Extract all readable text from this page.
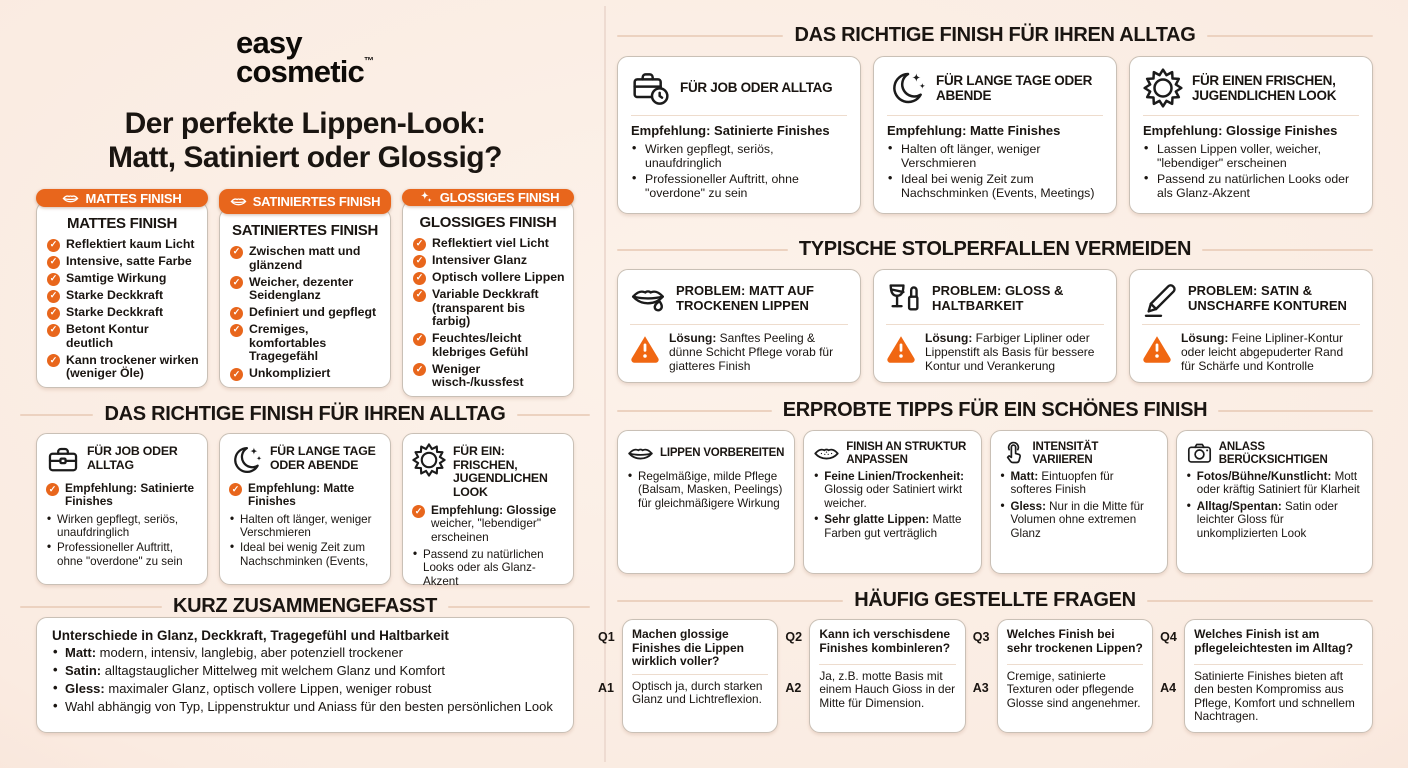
easy
cosmetic™
Der perfekte Lippen-Look:
Matt, Satiniert oder Glossig?
MATTES FINISH
MATTES FINISH
✓
Reflektiert kaum Licht
✓
Intensive, satte Farbe
✓
Samtige Wirkung
✓
Starke Deckkraft
✓
Starke Deckkraft
✓
Betont Kontur deutlich
✓
Kann trockener wirken (weniger Öle)
SATINIERTES FINISH
SATINIERTES FINISH
✓
Zwischen matt und glänzend
✓
Weicher, dezenter Seidenglanz
✓
Definiert und gepflegt
✓
Cremiges, komfortables Tragegefähl
✓
Unkompliziert
GLOSSIGES FINISH
GLOSSIGES FINISH
✓
Reflektiert viel Licht
✓
Intensiver Glanz
✓
Optisch vollere Lippen
✓
Variable Deckkraft (transparent bis farbig)
✓
Feuchtes/leicht klebriges Gefühl
✓
Weniger wisch-/kussfest
DAS RICHTIGE FINISH FÜR IHREN ALLTAG
FÜR JOB ODER ALLTAG
✓
Empfehlung: Satinierte Finishes
• Wirken gepflegt, seriös, unaufdringlich
• Professioneller Auftritt, ohne "overdone" zu sein
FÜR LANGE TAGE ODER ABENDE
✓
Empfehlung: Matte Finishes
• Halten oft länger, weniger Verschmieren
• Ideal bei wenig Zeit zum Nachschminken (Events,
FÜR EIN: FRISCHEN, JUGENDLICHEN LOOK
✓
Empfehlung: Glossige weicher, "lebendiger" erscheinen
• Passend zu natürlichen Looks oder als Glanz-Akzent
KURZ ZUSAMMENGEFASST
Unterschiede in Glanz, Deckkraft, Tragegefühl und Haltbarkeit
• Matt: modern, intensiv, langlebig, aber potenziell trockener
• Satin: alltagstauglicher Mittelweg mit welchem Glanz und Komfort
• Gless: maximaler Glanz, optisch vollere Lippen, weniger robust
• Wahl abhängig von Typ, Lippenstruktur und Aniass für den besten persönlichen Look
DAS RICHTIGE FINISH FÜR IHREN ALLTAG
FÜR JOB ODER ALLTAG
Empfehlung: Satinierte Finishes
• Wirken gepflegt, seriös, unaufdringlich
• Professioneller Auftritt, ohne "overdone" zu sein
FÜR LANGE TAGE ODER ABENDE
Empfehlung: Matte Finishes
• Halten oft länger, weniger Verschmieren
• Ideal bei wenig Zeit zum Nachschminken (Events, Meetings)
FÜR EINEN FRISCHEN, JUGENDLICHEN LOOK
Empfehlung: Glossige Finishes
• Lassen Lippen voller, weicher, "lebendiger" erscheinen
• Passend zu natürlichen Looks oder als Glanz-Akzent
TYPISCHE STOLPERFALLEN VERMEIDEN
PROBLEM: MATT AUF TROCKENEN LIPPEN
Lösung: Sanftes Peeling & dünne Schicht Pflege vorab für giatteres Finish
PROBLEM: GLOSS & HALTBARKEIT
Lösung: Farbiger Lipliner oder Lippenstift als Basis für bessere Kontur und Verankerung
PROBLEM: SATIN & UNSCHARFE KONTUREN
Lösung: Feine Lipliner-Kontur oder leicht abgepuderter Rand für Schärfe und Kontrolle
ERPROBTE TIPPS FÜR EIN SCHÖNES FINISH
LIPPEN VORBEREITEN
• Regelmäßige, milde Pflege (Balsam, Masken, Peelings) für gleichmäßigere Wirkung
FINISH AN STRUKTUR ANPASSEN
• Feine Linien/Trockenheit: Glossig oder Satiniert wirkt weicher.
• Sehr glatte Lippen: Matte Farben gut verträglich
INTENSITÄT VARIIEREN
• Matt: Eintuopfen für softeres Finish
• Gless: Nur in die Mitte für Volumen ohne extremen Glanz
ANLASS BERÜCKSICHTIGEN
• Fotos/Bühne/Kunstlicht: Mott oder kräftig Satiniert für Klarheit
• Alltag/Spentan: Satin oder leichter Gloss für unkomplizierten Look
HÄUFIG GESTELLTE FRAGEN
Q1
A1
Machen glossige Finishes die Lippen wirklich voller?
Optisch ja, durch starken Glanz und Lichtreflexion.
Q2
A2
Kann ich verschisdene Finishes kombinleren?
Ja, z.B. motte Basis mit einem Hauch Gioss in der Mitte für Dimension.
Q3
A3
Welches Finish bei sehr trockenen Lippen?
Cremige, satinierte Texturen oder pflegende Glosse sind angenehmer.
Q4
A4
Welches Finish ist am pflegeleichtesten im Alltag?
Satinierte Finishes bieten aft den besten Kompromiss aus Pflege, Komfort und schnellem Nachtragen.
